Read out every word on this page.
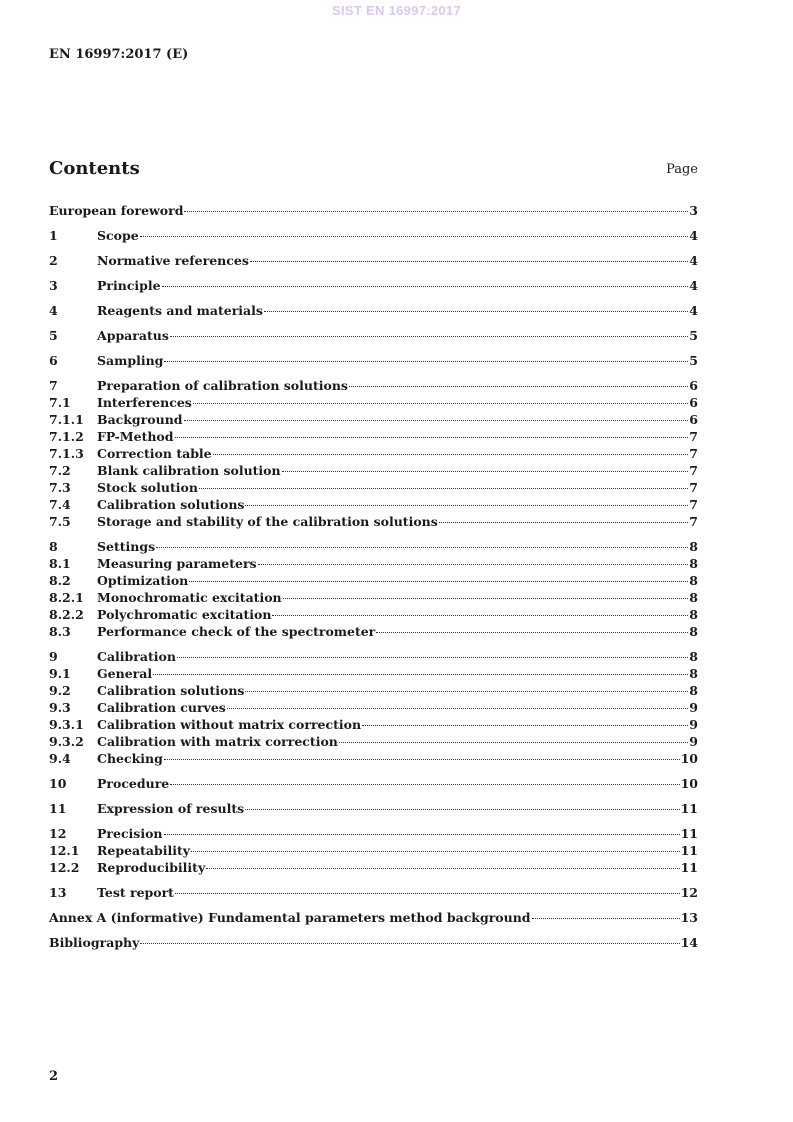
SIST EN 16997:2017
EN 16997:2017 (E)
Contents	Page
European foreword	3
1	Scope	4
2	Normative references	4
3	Principle	4
4	Reagents and materials	4
5	Apparatus	5
6	Sampling	5
7	Preparation of calibration solutions	6
7.1	Interferences	6
7.1.1	Background	6
7.1.2	FP-Method	7
7.1.3	Correction table	7
7.2	Blank calibration solution	7
7.3	Stock solution	7
7.4	Calibration solutions	7
7.5	Storage and stability of the calibration solutions	7
8	Settings	8
8.1	Measuring parameters	8
8.2	Optimization	8
8.2.1	Monochromatic excitation	8
8.2.2	Polychromatic excitation	8
8.3	Performance check of the spectrometer	8
9	Calibration	8
9.1	General	8
9.2	Calibration solutions	8
9.3	Calibration curves	9
9.3.1	Calibration without matrix correction	9
9.3.2	Calibration with matrix correction	9
9.4	Checking	10
10	Procedure	10
11	Expression of results	11
12	Precision	11
12.1	Repeatability	11
12.2	Reproducibility	11
13	Test report	12
Annex A (informative) Fundamental parameters method background	13
Bibliography	14
2
